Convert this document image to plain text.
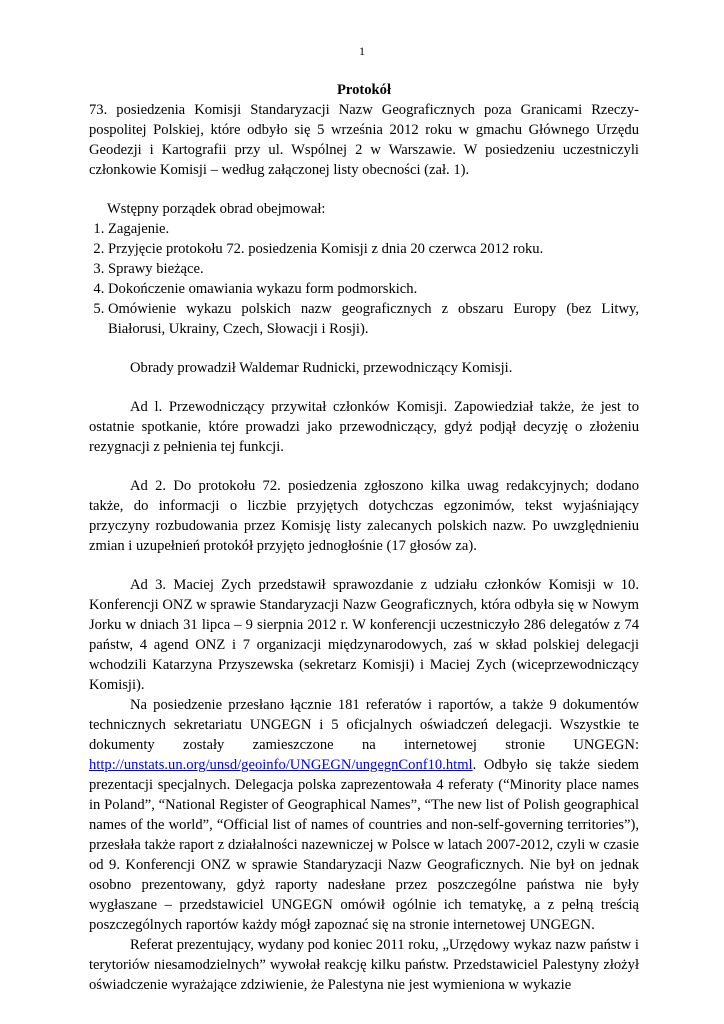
1
Protokół

73. posiedzenia Komisji Standaryzacji Nazw Geograficznych poza Granicami Rzeczy-pospolitej Polskiej, które odbyło się 5 września 2012 roku w gmachu Głównego Urzędu Geodezji i Kartografii przy ul. Wspólnej 2 w Warszawie. W posiedzeniu uczestniczyli członkowie Komisji – według załączonej listy obecności (zał. 1).

Wstępny porządek obrad obejmował:

1. Zagajenie.
2. Przyjęcie protokołu 72. posiedzenia Komisji z dnia 20 czerwca 2012 roku.
3. Sprawy bieżące.
4. Dokończenie omawiania wykazu form podmorskich.
5. Omówienie wykazu polskich nazw geograficznych z obszaru Europy (bez Litwy, Białorusi, Ukrainy, Czech, Słowacji i Rosji).

Obrady prowadził Waldemar Rudnicki, przewodniczący Komisji.

Ad l. Przewodniczący przywitał członków Komisji. Zapowiedział także, że jest to ostatnie spotkanie, które prowadzi jako przewodniczący, gdyż podjął decyzję o złożeniu rezygnacji z pełnienia tej funkcji.

Ad 2. Do protokołu 72. posiedzenia zgłoszono kilka uwag redakcyjnych; dodano także, do informacji o liczbie przyjętych dotychczas egzonimów, tekst wyjaśniający przyczyny rozbudowania przez Komisję listy zalecanych polskich nazw. Po uwzględnieniu zmian i uzupełnień protokół przyjęto jednogłośnie (17 głosów za).

Ad 3. Maciej Zych przedstawił sprawozdanie z udziału członków Komisji w 10. Konferencji ONZ w sprawie Standaryzacji Nazw Geograficznych, która odbyła się w Nowym Jorku w dniach 31 lipca – 9 sierpnia 2012 r. W konferencji uczestniczyło 286 delegatów z 74 państw, 4 agend ONZ i 7 organizacji międzynarodowych, zaś w skład polskiej delegacji wchodzili Katarzyna Przyszewska (sekretarz Komisji) i Maciej Zych (wiceprzewodniczący Komisji).

Na posiedzenie przesłano łącznie 181 referatów i raportów, a także 9 dokumentów technicznych sekretariatu UNGEGN i 5 oficjalnych oświadczeń delegacji. Wszystkie te

dokumenty zostały zamieszczone na internetowej stronie UNGEGN:

http://unstats.un.org/unsd/geoinfo/UNGEGN/ungegnConf10.html. Odbyło się także siedem prezentacji specjalnych. Delegacja polska zaprezentowała 4 referaty (“Minority place names in Poland”, “National Register of Geographical Names”, “The new list of Polish geographical names of the world”, “Official list of names of countries and non-self-governing territories”), przesłała także raport z działalności nazewniczej w Polsce w latach 2007-2012, czyli w czasie od 9. Konferencji ONZ w sprawie Standaryzacji Nazw Geograficznych. Nie był on jednak osobno prezentowany, gdyż raporty nadesłane przez poszczególne państwa nie były wygłaszane – przedstawiciel UNGEGN omówił ogólnie ich tematykę, a z pełną treścią poszczególnych raportów każdy mógł zapoznać się na stronie internetowej UNGEGN.

Referat prezentujący, wydany pod koniec 2011 roku, „Urzędowy wykaz nazw państw i terytoriów niesamodzielnych” wywołał reakcję kilku państw. Przedstawiciel Palestyny złożył oświadczenie wyrażające zdziwienie, że Palestyna nie jest wymieniona w wykazie
